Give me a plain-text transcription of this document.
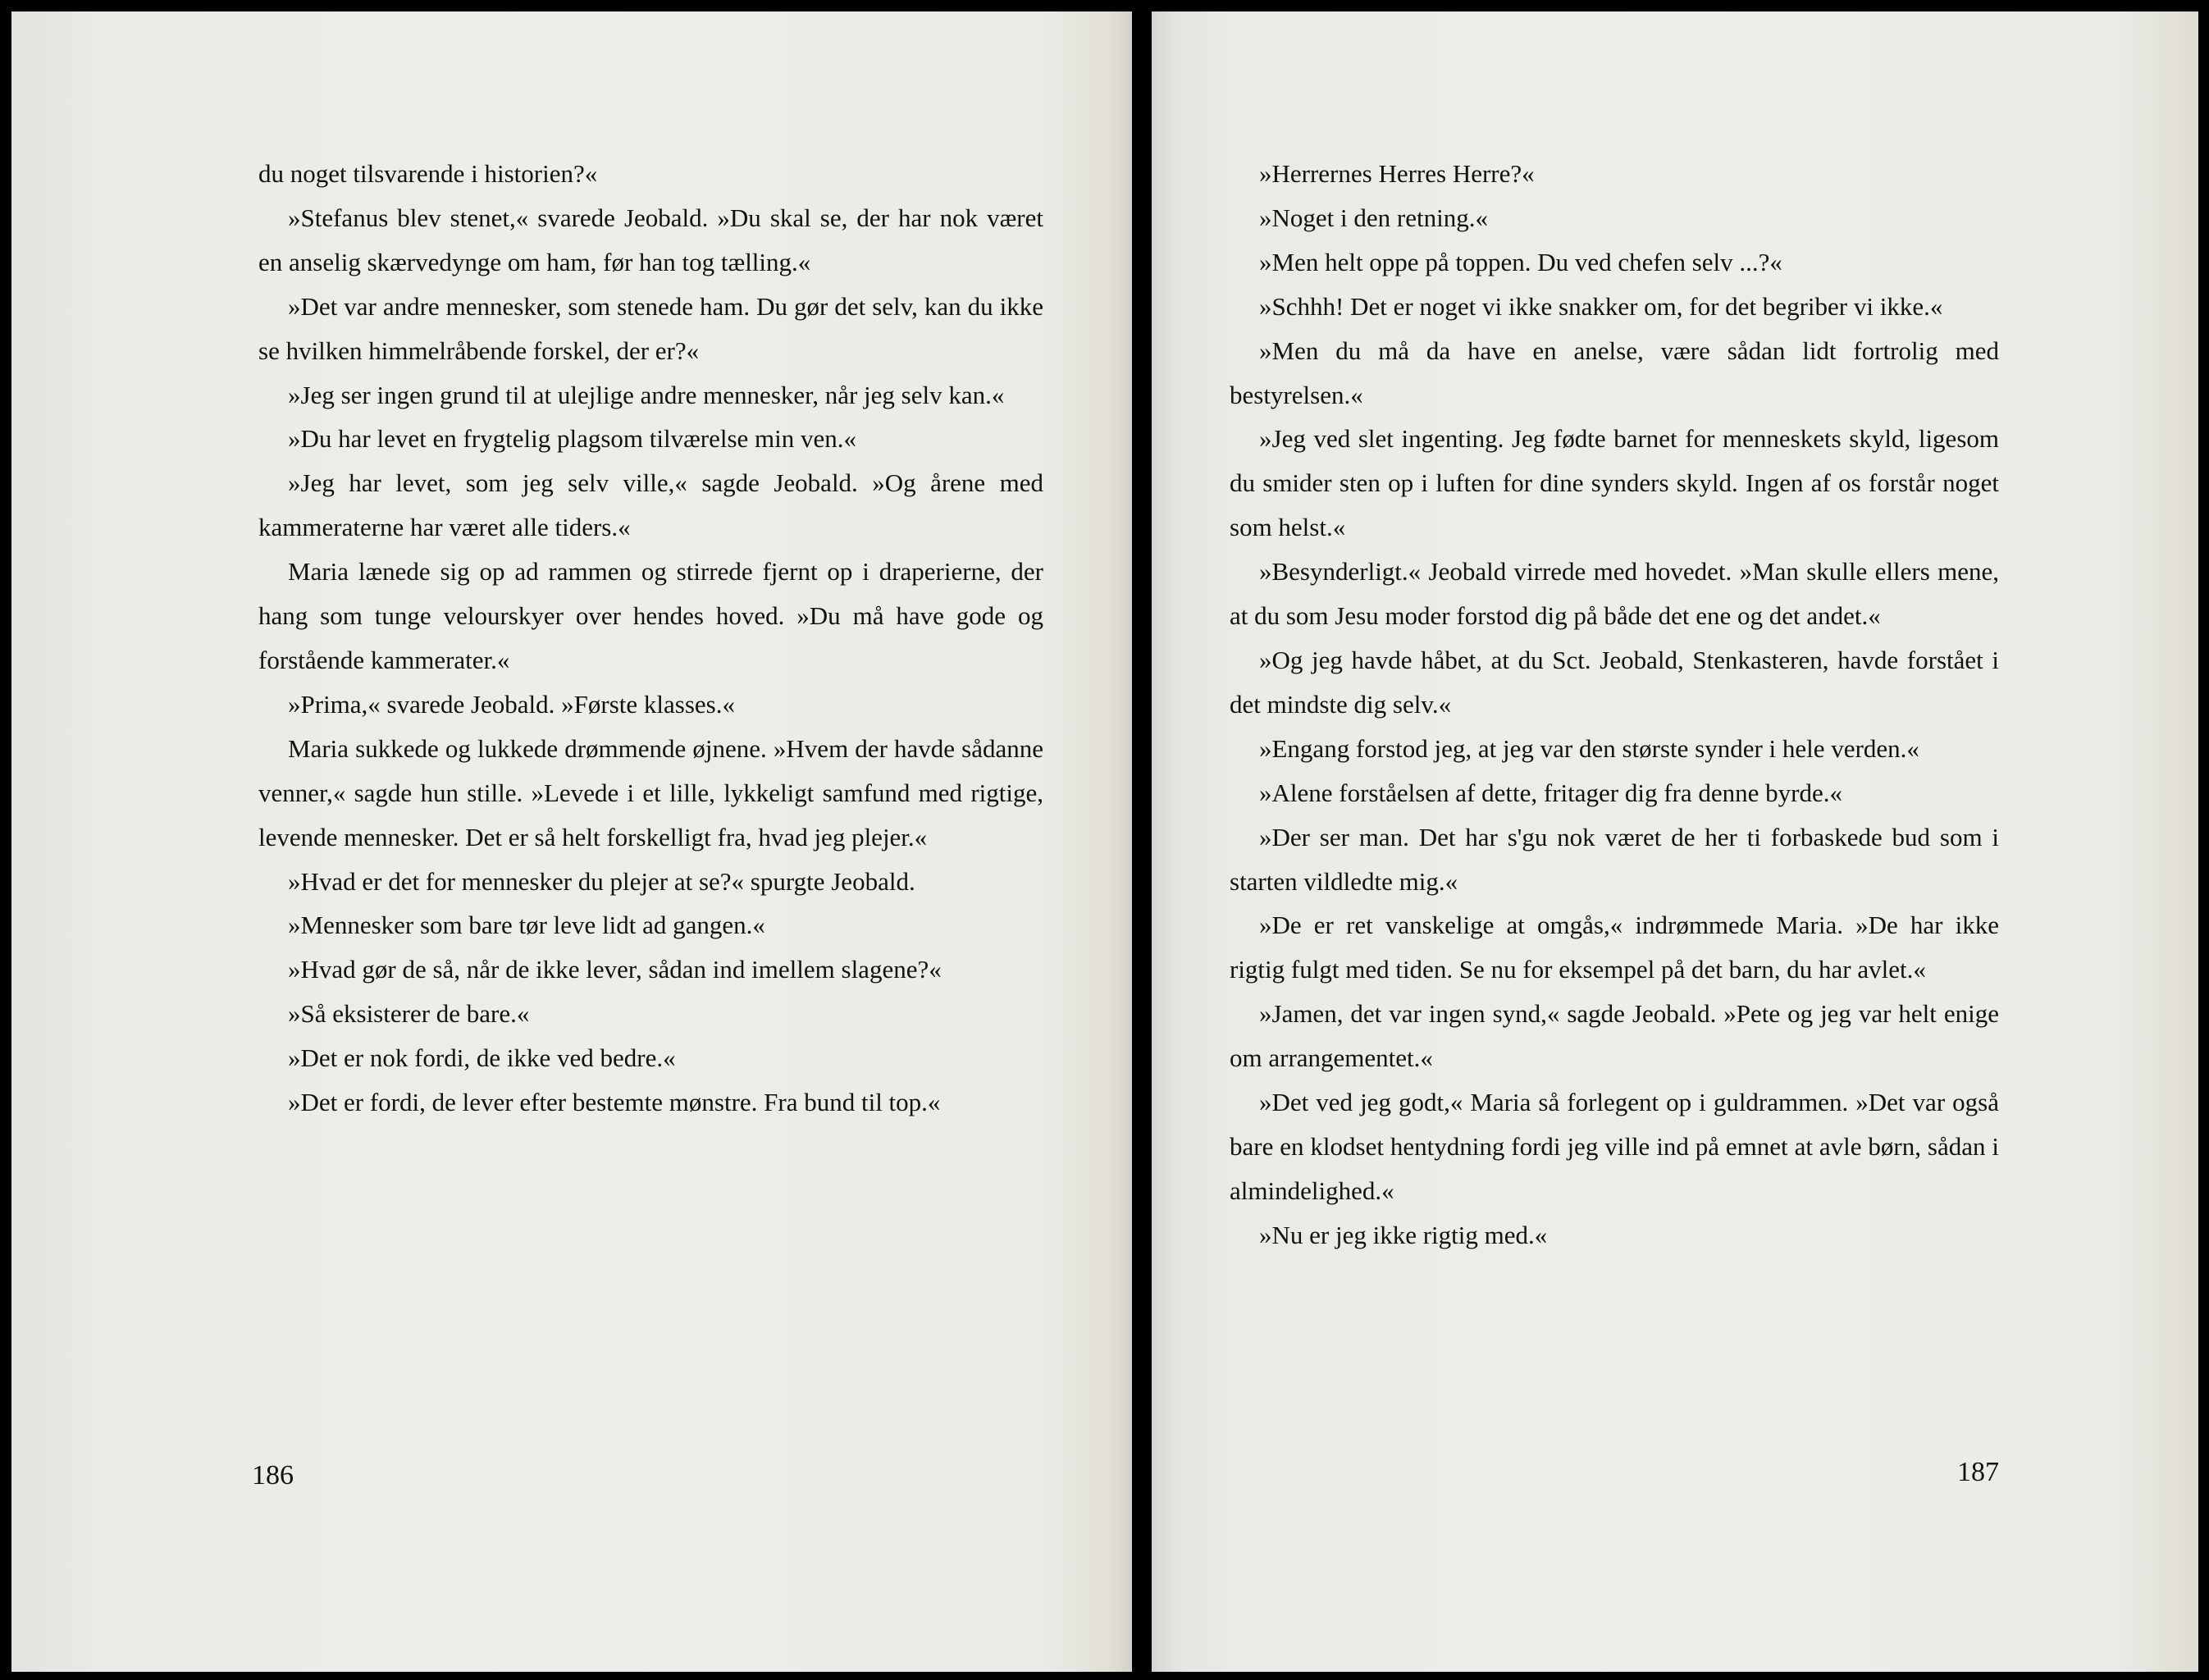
du noget tilsvarende i historien?«

»Stefanus blev stenet,« svarede Jeobald. »Du skal se, der har nok været en anselig skærvedynge om ham, før han tog tælling.«

»Det var andre mennesker, som stenede ham. Du gør det selv, kan du ikke se hvilken himmelråbende forskel, der er?«

»Jeg ser ingen grund til at ulejlige andre mennesker, når jeg selv kan.«

»Du har levet en frygtelig plagsom tilværelse min ven.«

»Jeg har levet, som jeg selv ville,« sagde Jeobald. »Og årene med kammeraterne har været alle tiders.«

Maria lænede sig op ad rammen og stirrede fjernt op i draperierne, der hang som tunge velourskyer over hendes hoved. »Du må have gode og forstående kammerater.«

»Prima,« svarede Jeobald. »Første klasses.«

Maria sukkede og lukkede drømmende øjnene. »Hvem der havde sådanne venner,« sagde hun stille. »Levede i et lille, lykkeligt samfund med rigtige, levende mennesker. Det er så helt forskelligt fra, hvad jeg plejer.«

»Hvad er det for mennesker du plejer at se?« spurgte Jeobald.

»Mennesker som bare tør leve lidt ad gangen.«

»Hvad gør de så, når de ikke lever, sådan ind imellem slagene?«

»Så eksisterer de bare.«

»Det er nok fordi, de ikke ved bedre.«

»Det er fordi, de lever efter bestemte mønstre. Fra bund til top.«

186

»Herrernes Herres Herre?«

»Noget i den retning.«

»Men helt oppe på toppen. Du ved chefen selv ...?«

»Schhh! Det er noget vi ikke snakker om, for det begriber vi ikke.«

»Men du må da have en anelse, være sådan lidt fortrolig med bestyrelsen.«

»Jeg ved slet ingenting. Jeg fødte barnet for menneskets skyld, ligesom du smider sten op i luften for dine synders skyld. Ingen af os forstår noget som helst.«

»Besynderligt.« Jeobald virrede med hovedet. »Man skulle ellers mene, at du som Jesu moder forstod dig på både det ene og det andet.«

»Og jeg havde håbet, at du Sct. Jeobald, Stenkasteren, havde forstået i det mindste dig selv.«

»Engang forstod jeg, at jeg var den største synder i hele verden.«

»Alene forståelsen af dette, fritager dig fra denne byrde.«

»Der ser man. Det har s'gu nok været de her ti forbaskede bud som i starten vildledte mig.«

»De er ret vanskelige at omgås,« indrømmede Maria. »De har ikke rigtig fulgt med tiden. Se nu for eksempel på det barn, du har avlet.«

»Jamen, det var ingen synd,« sagde Jeobald. »Pete og jeg var helt enige om arrangementet.«

»Det ved jeg godt,« Maria så forlegent op i guldrammen. »Det var også bare en klodset hentydning fordi jeg ville ind på emnet at avle børn, sådan i almindelighed.«

»Nu er jeg ikke rigtig med.«

187
